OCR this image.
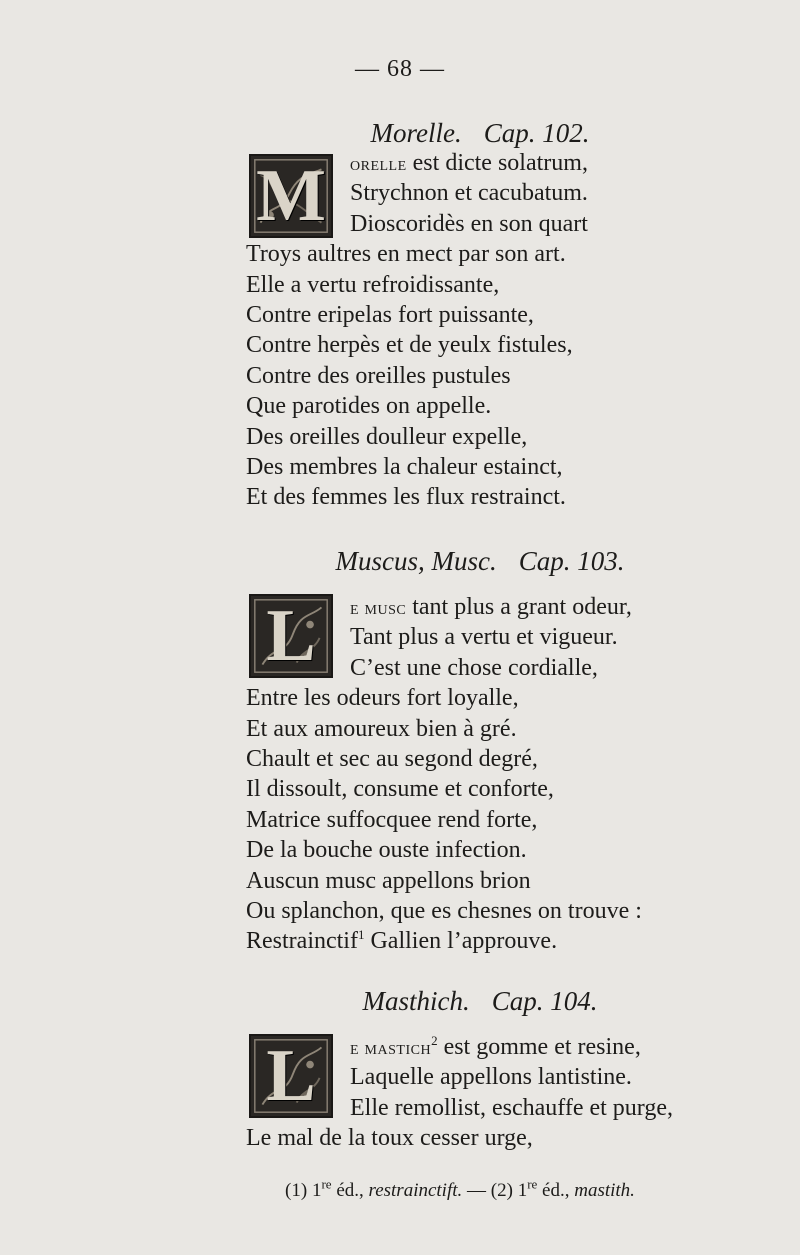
— 68 —
Morelle. Cap. 102.
M	orelle est dicte solatrum,
Strychnon et cacubatum.
Dioscoridès en son quart
Troys aultres en mect par son art.
Elle a vertu refroidissante,
Contre eripelas fort puissante,
Contre herpès et de yeulx fistules,
Contre des oreilles pustules
Que parotides on appelle.
Des oreilles doulleur expelle,
Des membres la chaleur estainct,
Et des femmes les flux restrainct.
Muscus, Musc. Cap. 103.
L	e musc tant plus a grant odeur,
Tant plus a vertu et vigueur.
C’est une chose cordialle,
Entre les odeurs fort loyalle,
Et aux amoureux bien à gré.
Chault et sec au segond degré,
Il dissoult, consume et conforte,
Matrice suffocquee rend forte,
De la bouche ouste infection.
Auscun musc appellons brion
Ou splanchon, que es chesnes on trouve :
Restrainctif$^1$ Gallien l’approuve.
Masthich. Cap. 104.
L	e mastich$^2$ est gomme et resine,
Laquelle appellons lantistine.
Elle remollist, eschauffe et purge,
Le mal de la toux cesser urge,
(1) 1re éd., restrainctift. — (2) 1re éd., mastith.
